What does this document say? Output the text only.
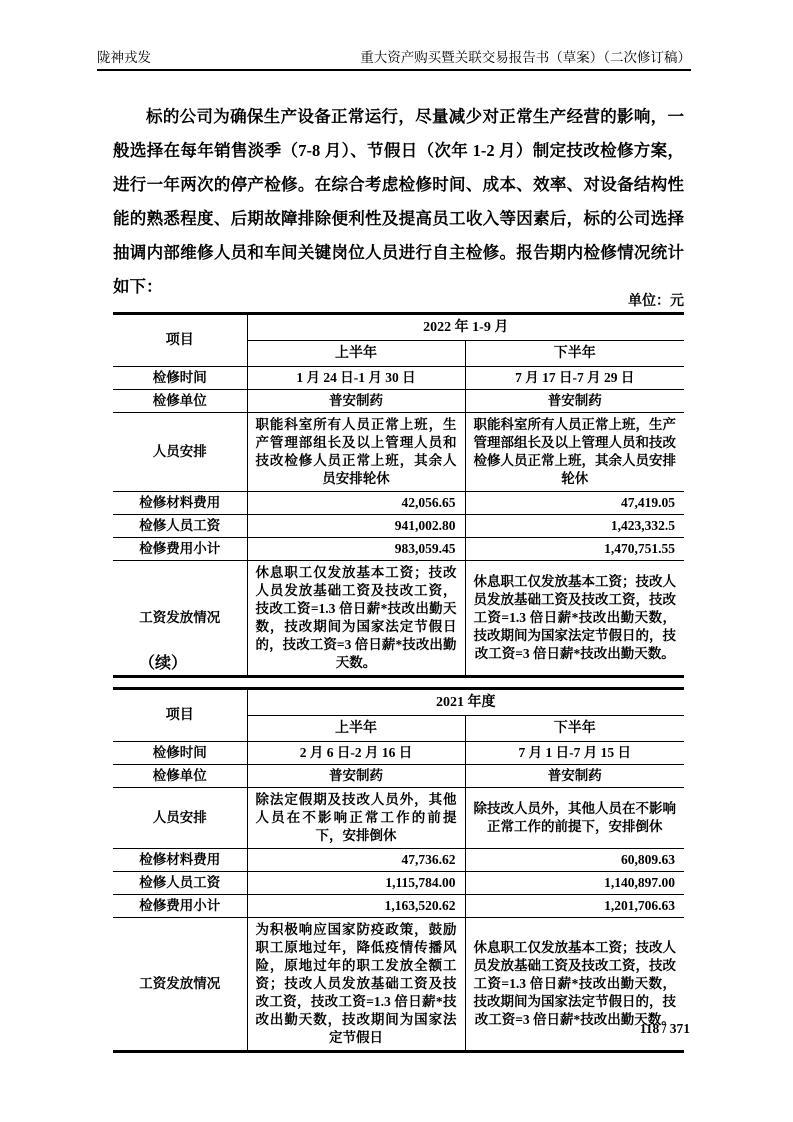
陇神戎发	重大资产购买暨关联交易报告书（草案）（二次修订稿）
标的公司为确保生产设备正常运行，尽量减少对正常生产经营的影响，一般选择在每年销售淡季（7-8 月）、节假日（次年 1-2 月）制定技改检修方案，进行一年两次的停产检修。在综合考虑检修时间、成本、效率、对设备结构性能的熟悉程度、后期故障排除便利性及提高员工收入等因素后，标的公司选择抽调内部维修人员和车间关键岗位人员进行自主检修。报告期内检修情况统计如下：
单位：元
项目	2022 年 1-9 月	
	上半年	下半年
检修时间	1 月 24 日-1 月 30 日	7 月 17 日-7 月 29 日
检修单位	普安制药	普安制药
人员安排	职能科室所有人员正常上班，生产管理部组长及以上管理人员和技改检修人员正常上班，其余人员安排轮休	职能科室所有人员正常上班，生产管理部组长及以上管理人员和技改检修人员正常上班，其余人员安排轮休
检修材料费用	42,056.65	47,419.05
检修人员工资	941,002.80	1,423,332.5
检修费用小计	983,059.45	1,470,751.55
工资发放情况	休息职工仅发放基本工资；技改人员发放基础工资及技改工资，技改工资=1.3 倍日薪*技改出勤天数，技改期间为国家法定节假日的，技改工资=3 倍日薪*技改出勤天数。	休息职工仅发放基本工资；技改人员发放基础工资及技改工资，技改工资=1.3 倍日薪*技改出勤天数，技改期间为国家法定节假日的，技改工资=3 倍日薪*技改出勤天数。
（续）
项目	2021 年度	
	上半年	下半年
检修时间	2 月 6 日-2 月 16 日	7 月 1 日-7 月 15 日
检修单位	普安制药	普安制药
人员安排	除法定假期及技改人员外，其他人员在不影响正常工作的前提下，安排倒休	除技改人员外，其他人员在不影响正常工作的前提下，安排倒休
检修材料费用	47,736.62	60,809.63
检修人员工资	1,115,784.00	1,140,897.00
检修费用小计	1,163,520.62	1,201,706.63
工资发放情况	为积极响应国家防疫政策，鼓励职工原地过年，降低疫情传播风险，原地过年的职工发放全额工资；技改人员发放基础工资及技改工资，技改工资=1.3 倍日薪*技改出勤天数，技改期间为国家法定节假日	休息职工仅发放基本工资；技改人员发放基础工资及技改工资，技改工资=1.3 倍日薪*技改出勤天数，技改期间为国家法定节假日的，技改工资=3 倍日薪*技改出勤天数。
118 / 371
